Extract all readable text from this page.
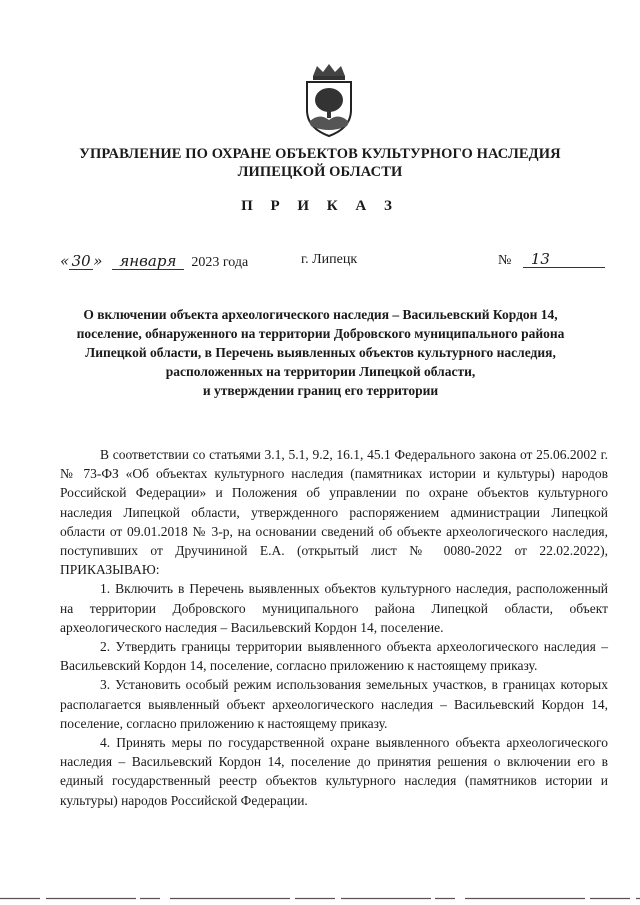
УПРАВЛЕНИЕ ПО ОХРАНЕ ОБЪЕКТОВ КУЛЬТУРНОГО НАСЛЕДИЯ
ЛИПЕЦКОЙ ОБЛАСТИ
П Р И К А З
« 30 » января 2023 года	г. Липецк	№ 13
О включении объекта археологического наследия – Васильевский Кордон 14,
поселение, обнаруженного на территории Добровского муниципального района
Липецкой области, в Перечень выявленных объектов культурного наследия,
расположенных на территории Липецкой области,
и утверждении границ его территории

В соответствии со статьями 3.1, 5.1, 9.2, 16.1, 45.1 Федерального закона от 25.06.2002 г. № 73-ФЗ «Об объектах культурного наследия (памятниках истории и культуры) народов Российской Федерации» и Положения об управлении по охране объектов культурного наследия Липецкой области, утвержденного распоряжением администрации Липецкой области от 09.01.2018 № 3-р, на основании сведений об объекте археологического наследия, поступивших от Дручининой Е.А. (открытый лист № 0080-2022 от 22.02.2022), ПРИКАЗЫВАЮ:

1. Включить в Перечень выявленных объектов культурного наследия, расположенный на территории Добровского муниципального района Липецкой области, объект археологического наследия – Васильевский Кордон 14, поселение.

2. Утвердить границы территории выявленного объекта археологического наследия – Васильевский Кордон 14, поселение, согласно приложению к настоящему приказу.

3. Установить особый режим использования земельных участков, в границах которых располагается выявленный объект археологического наследия – Васильевский Кордон 14, поселение, согласно приложению к настоящему приказу.

4. Принять меры по государственной охране выявленного объекта археологического наследия – Васильевский Кордон 14, поселение до принятия решения о включении его в единый государственный реестр объектов культурного наследия (памятников истории и культуры) народов Российской Федерации.
